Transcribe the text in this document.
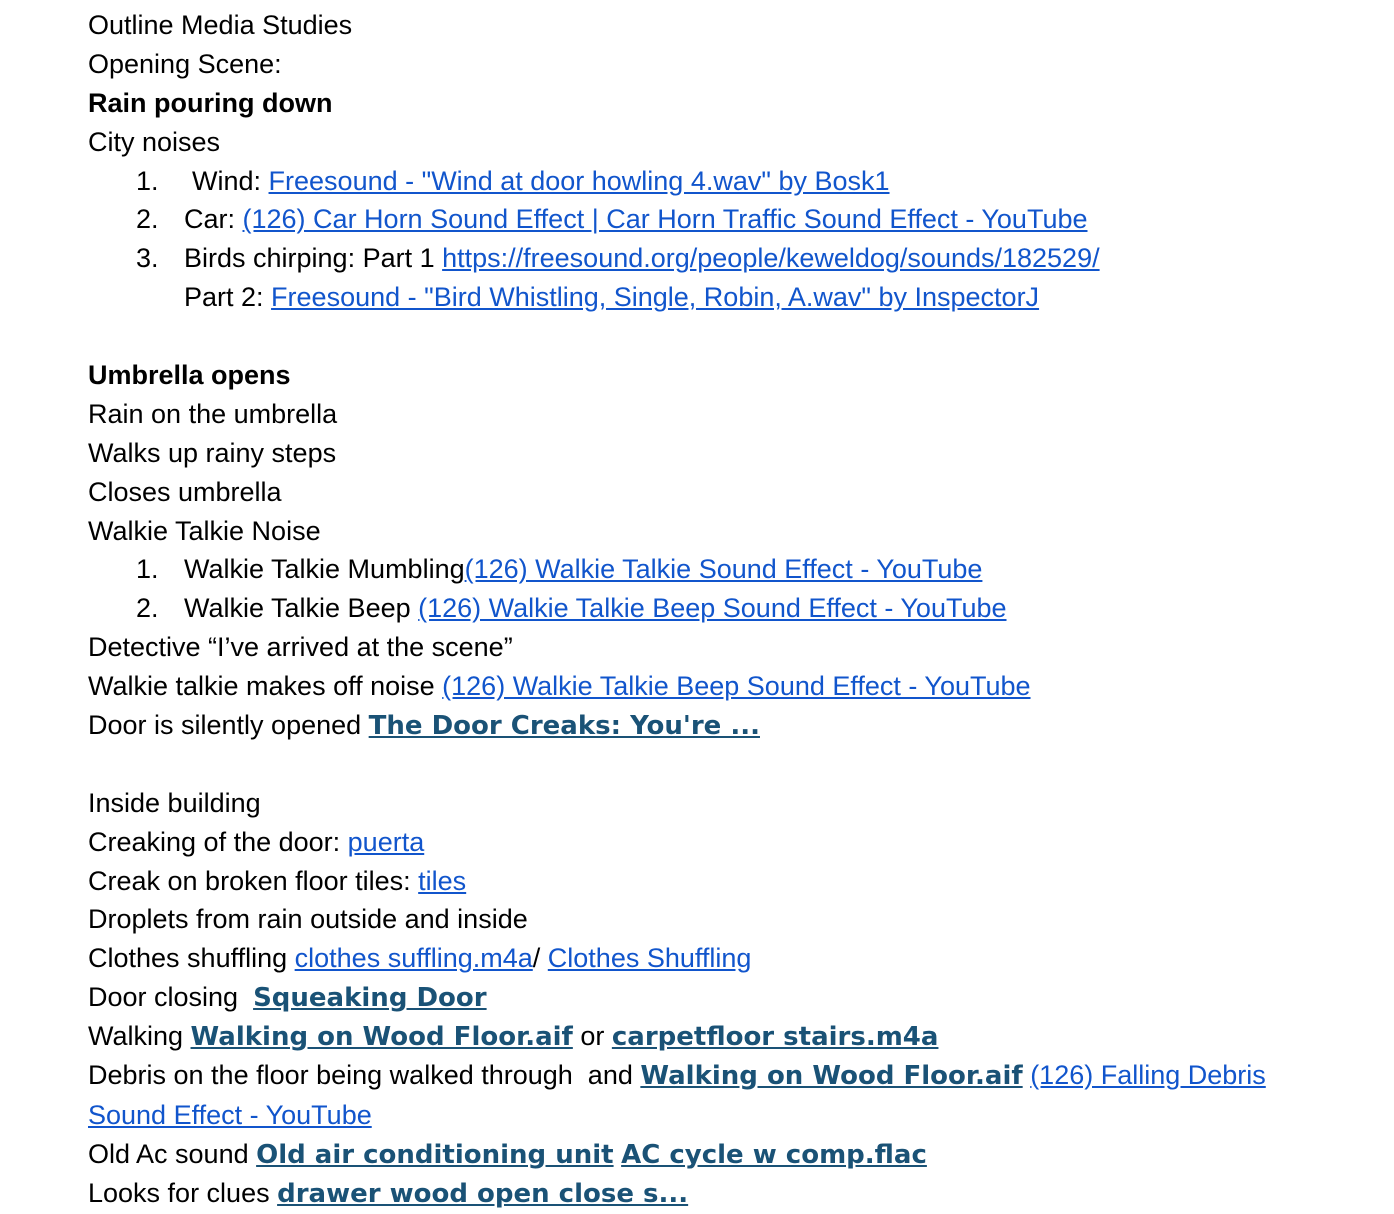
Outline Media Studies
Opening Scene:
Rain pouring down
City noises
1. Wind: Freesound - "Wind at door howling 4.wav" by Bosk1
2. Car: (126) Car Horn Sound Effect | Car Horn Traffic Sound Effect - YouTube
3. Birds chirping: Part 1 https://freesound.org/people/keweldog/sounds/182529/
Part 2: Freesound - "Bird Whistling, Single, Robin, A.wav" by InspectorJ
Umbrella opens
Rain on the umbrella
Walks up rainy steps
Closes umbrella
Walkie Talkie Noise
1. Walkie Talkie Mumbling(126) Walkie Talkie Sound Effect - YouTube
2. Walkie Talkie Beep (126) Walkie Talkie Beep Sound Effect - YouTube
Detective “I’ve arrived at the scene”
Walkie talkie makes off noise (126) Walkie Talkie Beep Sound Effect - YouTube
Door is silently opened The Door Creaks: You're ...
Inside building
Creaking of the door: puerta
Creak on broken floor tiles: tiles
Droplets from rain outside and inside
Clothes shuffling clothes suffling.m4a/ Clothes Shuffling
Door closing  Squeaking Door
Walking Walking on Wood Floor.aif or carpetfloor stairs.m4a
Debris on the floor being walked through  and Walking on Wood Floor.aif (126) Falling Debris Sound Effect - YouTube
Old Ac sound Old air conditioning unit AC cycle w comp.flac
Looks for clues drawer wood open close s...
